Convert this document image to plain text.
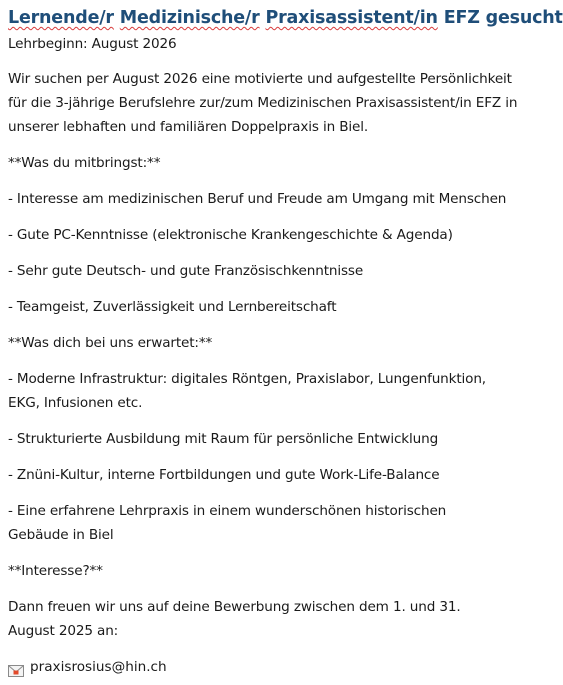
Lernende/r Medizinische/r Praxisassistent/in EFZ gesucht

Lehrbeginn: August 2026

Wir suchen per August 2026 eine motivierte und aufgestellte Persönlichkeit

für die 3-jährige Berufslehre zur/zum Medizinischen Praxisassistent/in EFZ in

unserer lebhaften und familiären Doppelpraxis in Biel.

**Was du mitbringst:**

- Interesse am medizinischen Beruf und Freude am Umgang mit Menschen

- Gute PC-Kenntnisse (elektronische Krankengeschichte & Agenda)

- Sehr gute Deutsch- und gute Französischkenntnisse

- Teamgeist, Zuverlässigkeit und Lernbereitschaft

**Was dich bei uns erwartet:**

- Moderne Infrastruktur: digitales Röntgen, Praxislabor, Lungenfunktion,

EKG, Infusionen etc.

- Strukturierte Ausbildung mit Raum für persönliche Entwicklung

- Znüni-Kultur, interne Fortbildungen und gute Work-Life-Balance

- Eine erfahrene Lehrpraxis in einem wunderschönen historischen

Gebäude in Biel

**Interesse?**

Dann freuen wir uns auf deine Bewerbung zwischen dem 1. und 31.

August 2025 an:

praxisrosius@hin.ch
